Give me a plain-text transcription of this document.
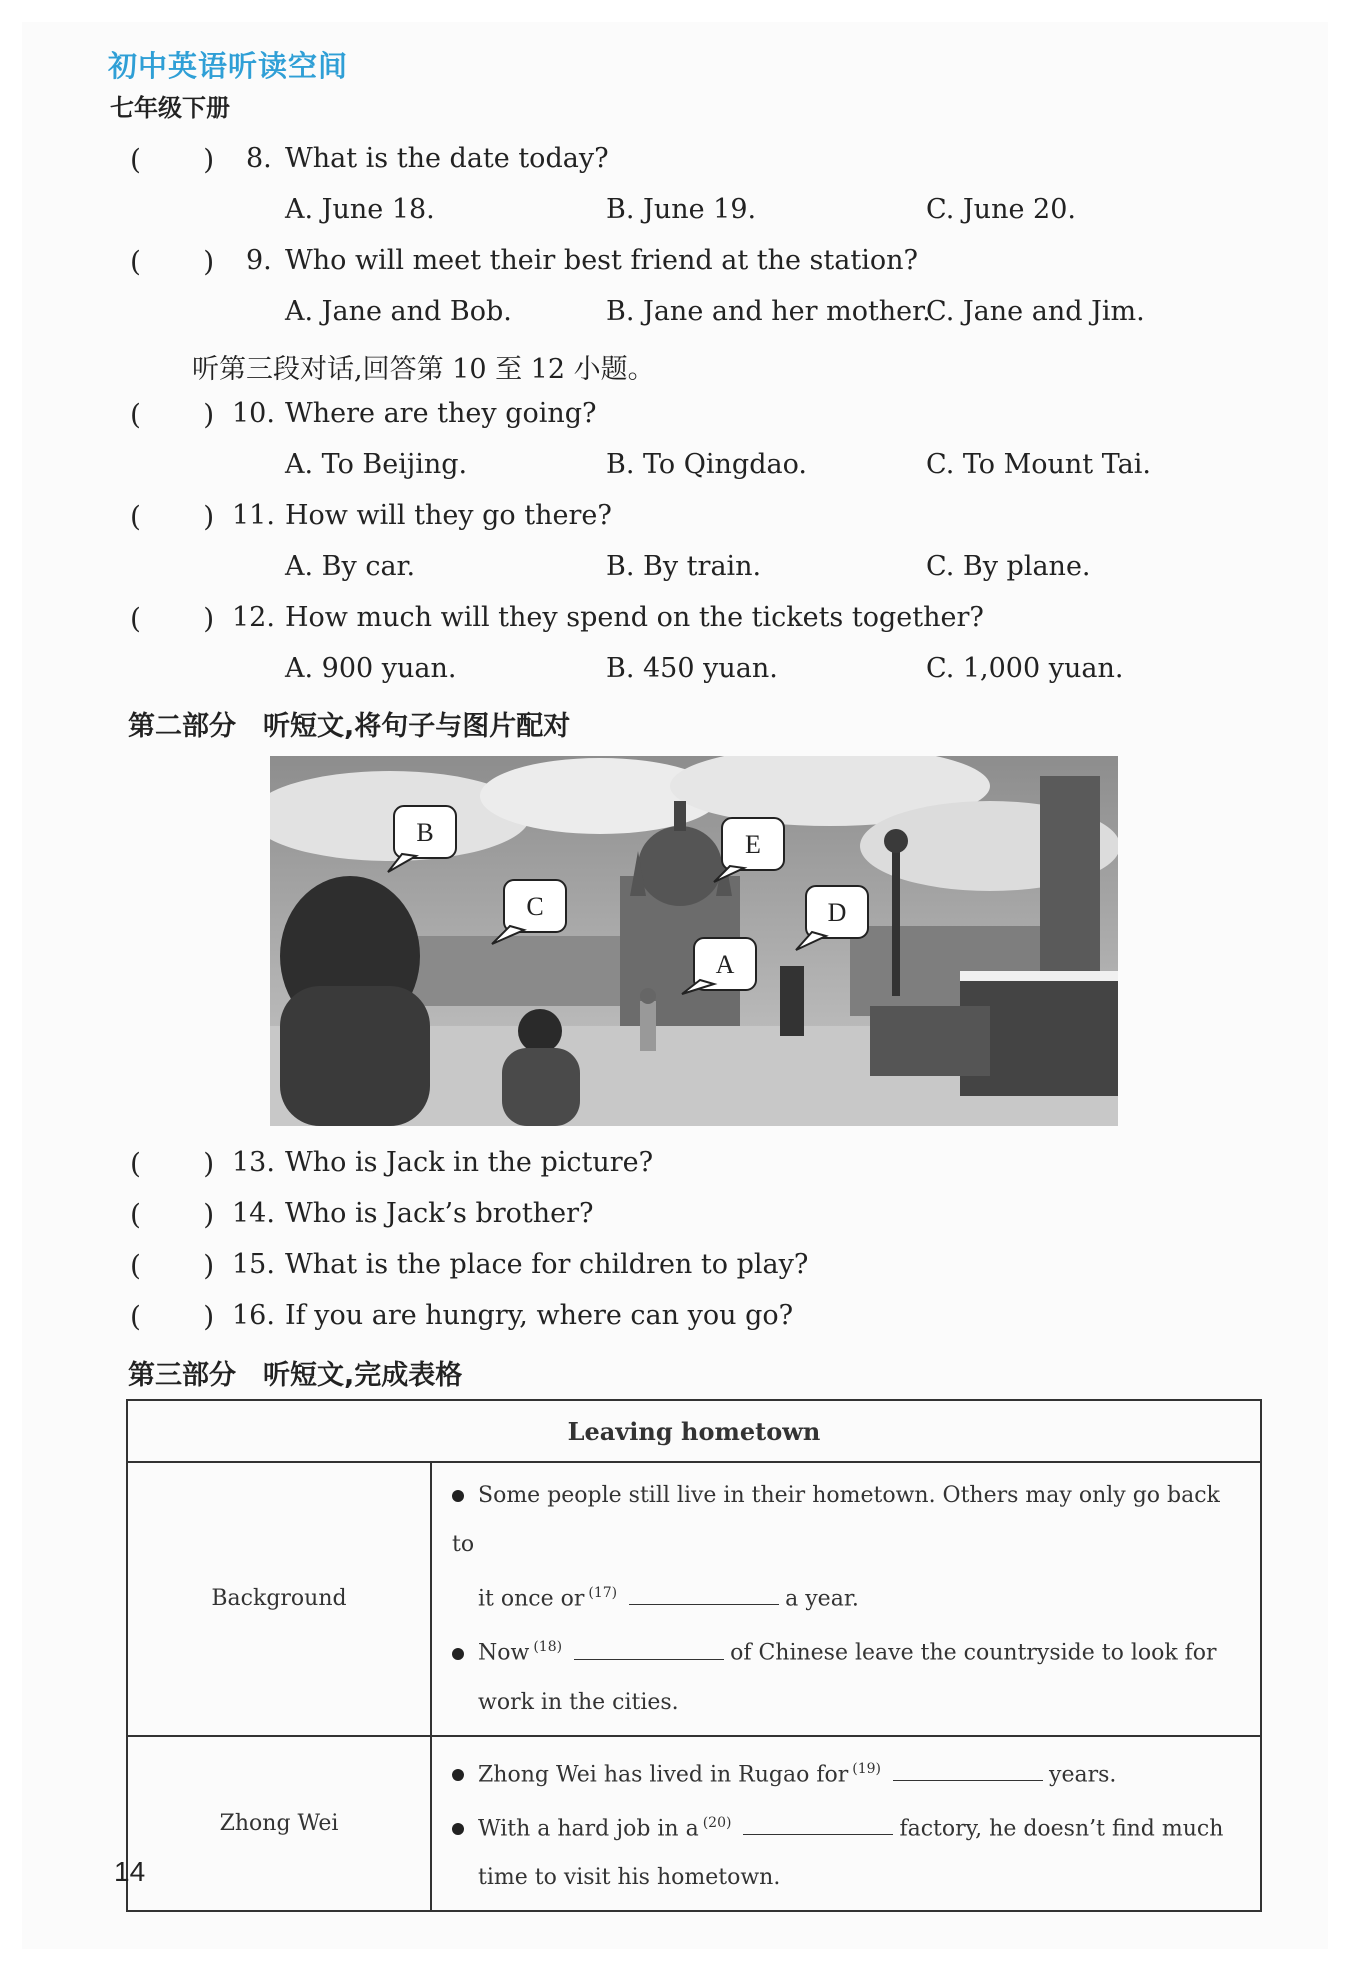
初中英语听读空间
七年级下册
(       ) 8. What is the date today?
A. June 18.	B. June 19.	C. June 20.
(       ) 9. Who will meet their best friend at the station?
A. Jane and Bob.	B. Jane and her mother.
C. Jane and Jim.
听第三段对话,回答第 10 至 12 小题。
(       ) 10. Where are they going?
A. To Beijing.	B. To Qingdao.	C. To Mount Tai.
(       ) 11. How will they go there?
A. By car.	B. By train.	C. By plane.
(       ) 12. How much will they spend on the tickets together?
A. 900 yuan.	B. 450 yuan.	C. 1,000 yuan.
第二部分　听短文,将句子与图片配对
B
C
E
D
A
(       ) 13. Who is Jack in the picture?
(       ) 14. Who is Jack’s brother?
(       ) 15. What is the place for children to play?
(       ) 16. If you are hungry, where can you go?
第三部分　听短文,完成表格
Leaving hometown	
Background	Some people still live in their hometown. Others may only go back to
it once or $^{(17)}$ a year.
Now $^{(18)}$ of Chinese leave the countryside to look for
work in the cities.

Zhong Wei	Zhong Wei has lived in Rugao for $^{(19)}$ years.
With a hard job in a $^{(20)}$ factory, he doesn’t find much
time to visit his hometown.
14
